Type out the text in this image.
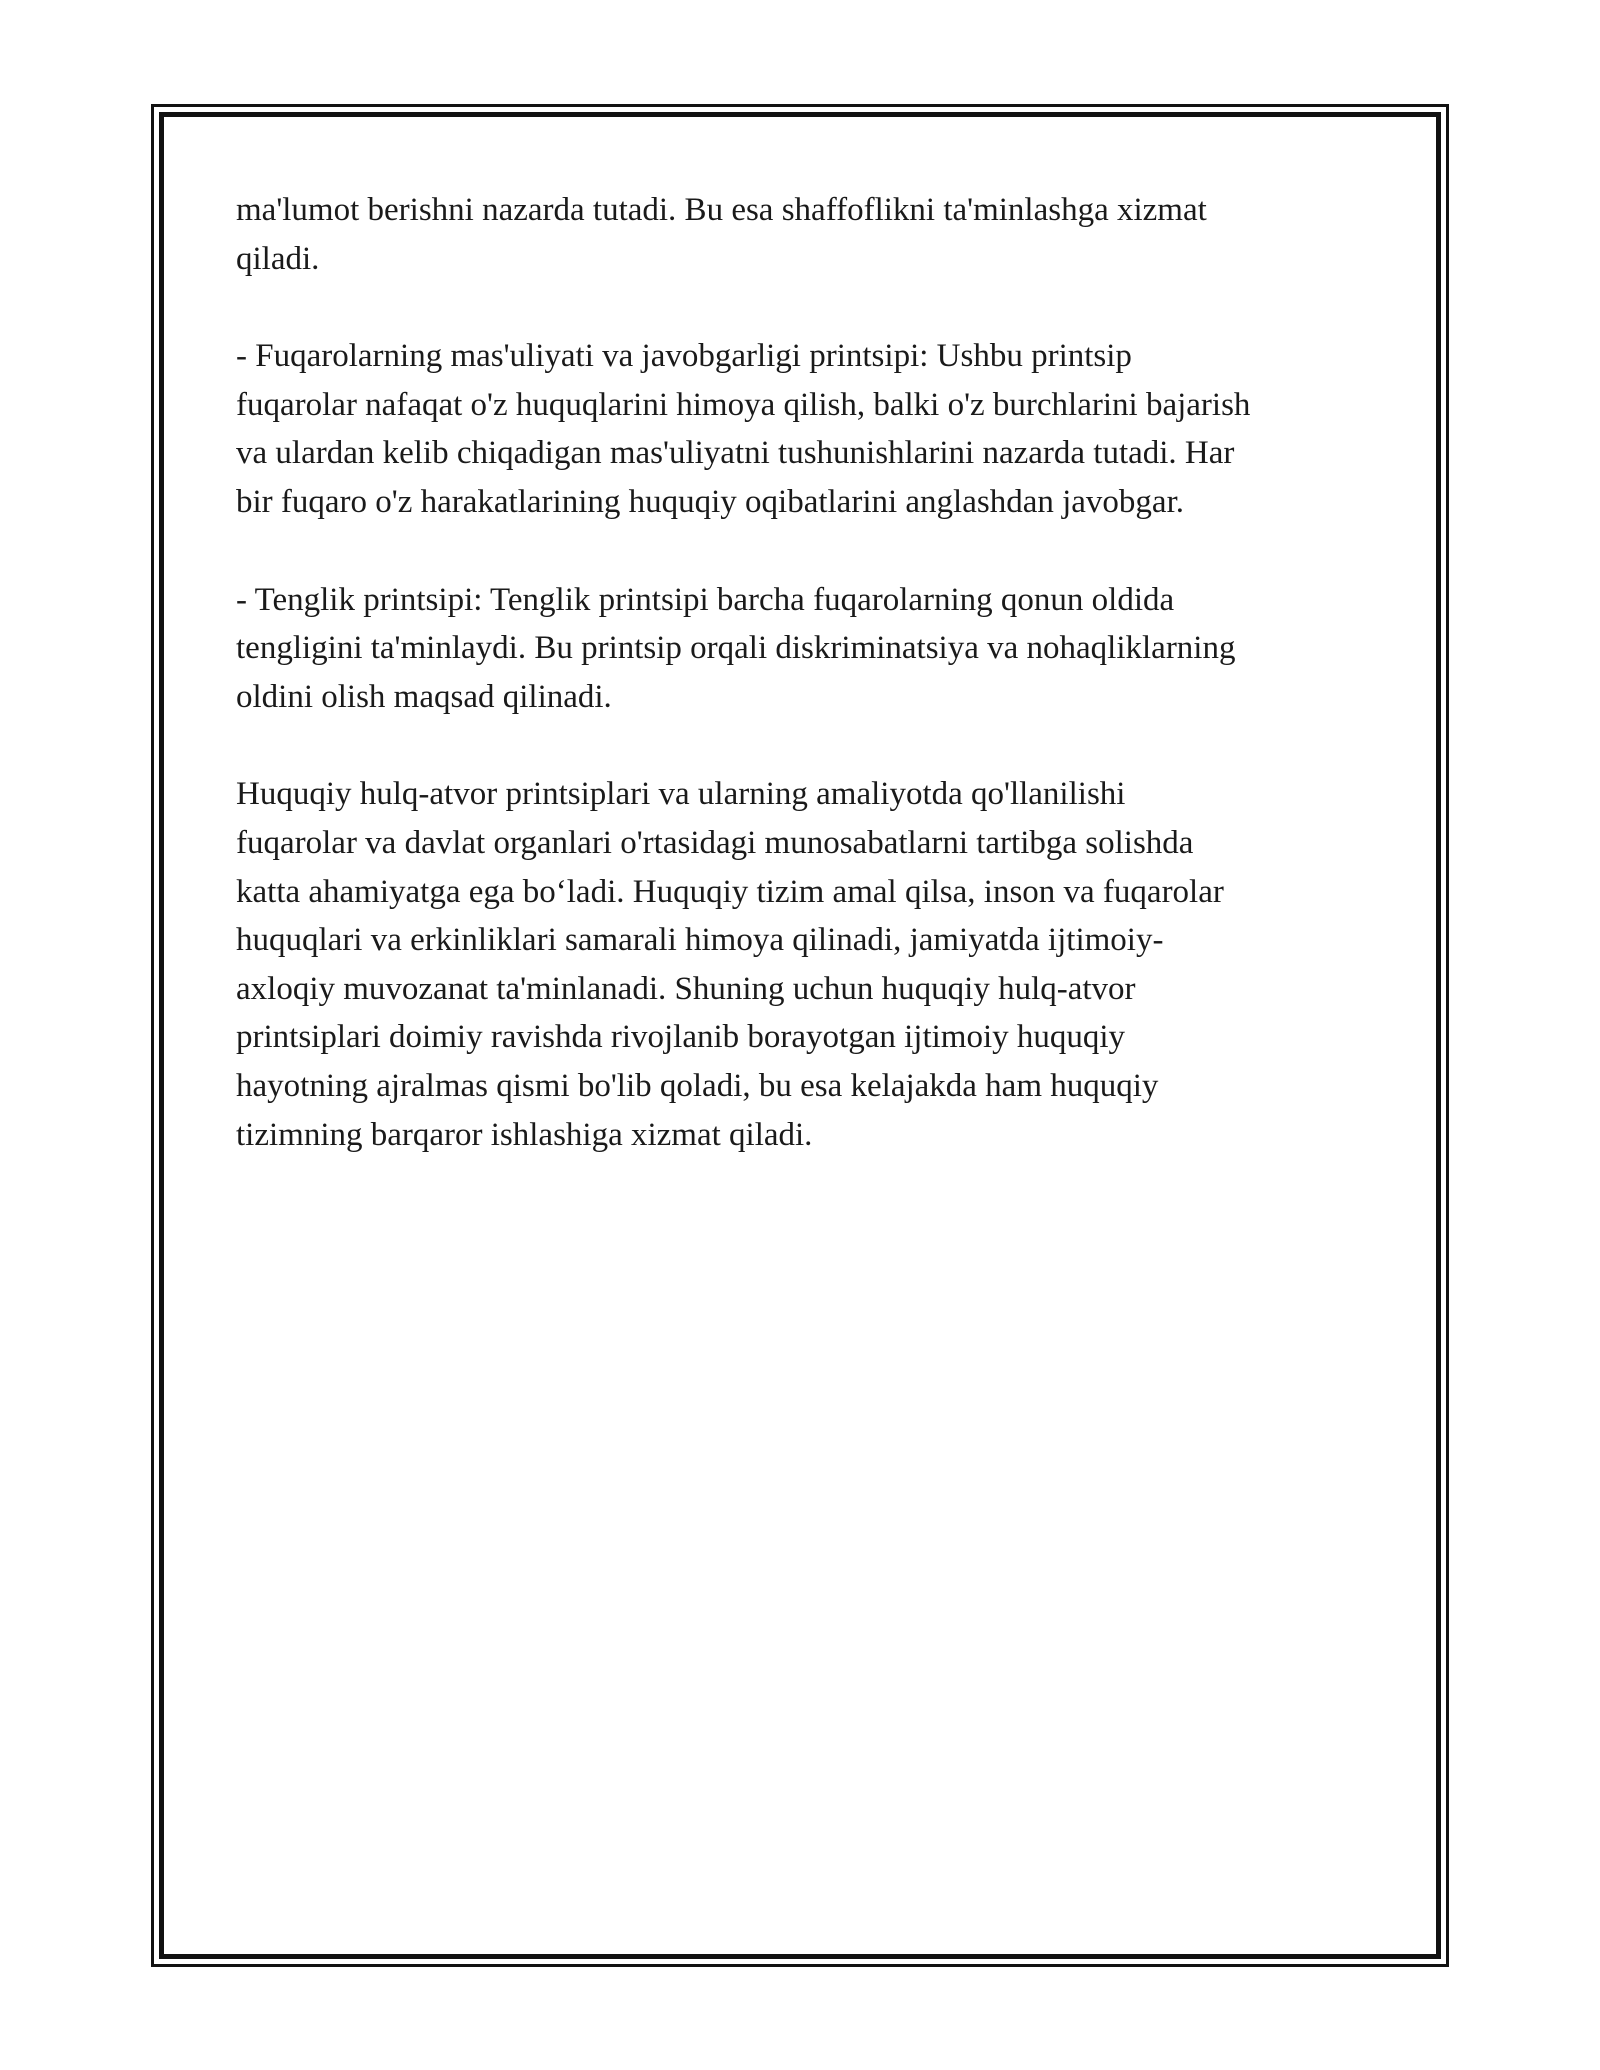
ma'lumot berishni nazarda tutadi. Bu esa shaffoflikni ta'minlashga xizmat
qiladi.

- Fuqarolarning mas'uliyati va javobgarligi printsipi: Ushbu printsip
fuqarolar nafaqat o'z huquqlarini himoya qilish, balki o'z burchlarini bajarish
va ulardan kelib chiqadigan mas'uliyatni tushunishlarini nazarda tutadi. Har
bir fuqaro o'z harakatlarining huquqiy oqibatlarini anglashdan javobgar.

- Tenglik printsipi: Tenglik printsipi barcha fuqarolarning qonun oldida
tengligini ta'minlaydi. Bu printsip orqali diskriminatsiya va nohaqliklarning
oldini olish maqsad qilinadi.

Huquqiy hulq-atvor printsiplari va ularning amaliyotda qo'llanilishi
fuqarolar va davlat organlari o'rtasidagi munosabatlarni tartibga solishda
katta ahamiyatga ega bo‘ladi. Huquqiy tizim amal qilsa, inson va fuqarolar
huquqlari va erkinliklari samarali himoya qilinadi, jamiyatda ijtimoiy-
axloqiy muvozanat ta'minlanadi. Shuning uchun huquqiy hulq-atvor
printsiplari doimiy ravishda rivojlanib borayotgan ijtimoiy huquqiy
hayotning ajralmas qismi bo'lib qoladi, bu esa kelajakda ham huquqiy
tizimning barqaror ishlashiga xizmat qiladi.
